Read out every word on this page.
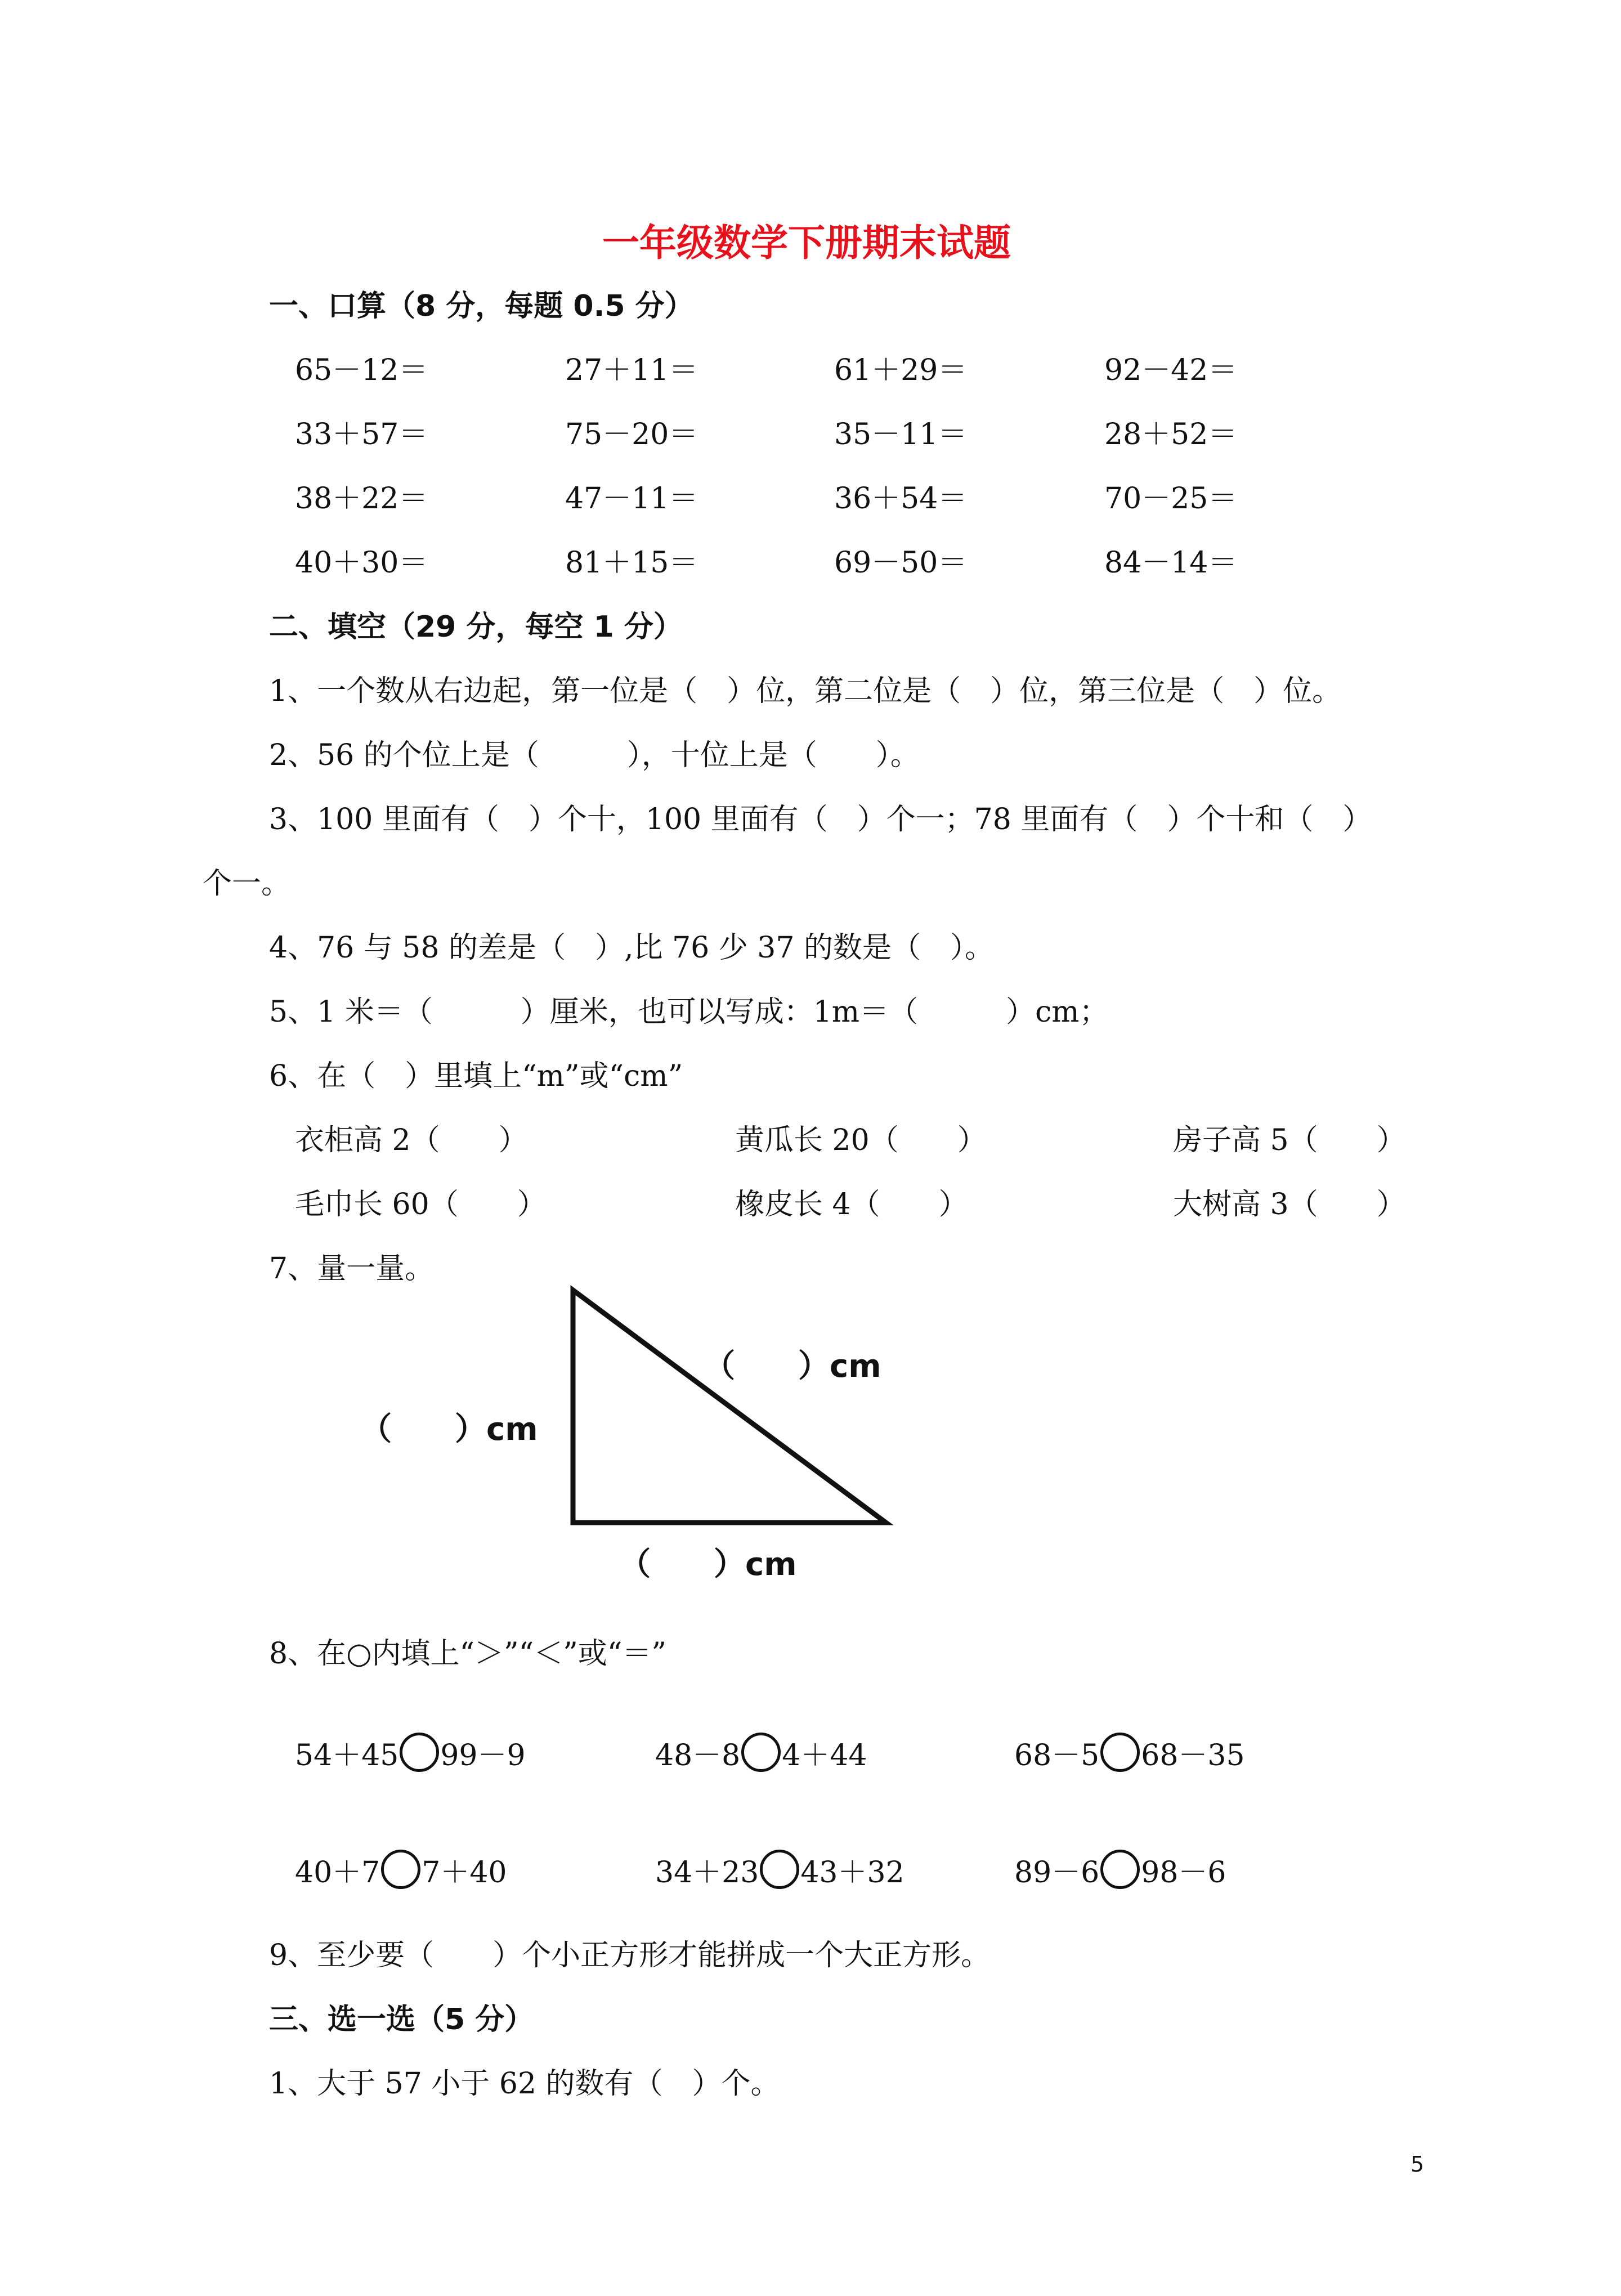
一年级数学下册期末试题
一、口算（8 分，每题 0.5 分）
65－12＝	27＋11＝	61＋29＝	92－42＝
33＋57＝	75－20＝	35－11＝	28＋52＝
38＋22＝	47－11＝	36＋54＝	70－25＝
40＋30＝	81＋15＝	69－50＝	84－14＝
二、填空（29 分，每空 1 分）
1、一个数从右边起，第一位是（　）位，第二位是（　）位，第三位是（　）位。
2、56 的个位上是（　　　），十位上是（　　）。
3、100 里面有（　）个十，100 里面有（　）个一；78 里面有（　）个十和（　）
个一。
4、76 与 58 的差是（　）,比 76 少 37 的数是（　）。
5、1 米＝（　　　）厘米，也可以写成：1m＝（　　　）cm；
6、在（　）里填上“m”或“cm”
衣柜高 2（　　）	黄瓜长 20（　　）	房子高 5（　　）
毛巾长 60（　　）	橡皮长 4（　　）	大树高 3（　　）
7、量一量。
（　　）cm
（　　）cm
（　　）cm
8、在○内填上“＞”“＜”或“＝”
54＋45 99－9	48－8 4＋44	68－5 68－35
40＋7 7＋40	34＋23 43＋32	89－6 98－6
9、至少要（　　）个小正方形才能拼成一个大正方形。
三、选一选（5 分）
1、大于 57 小于 62 的数有（　）个。
5
